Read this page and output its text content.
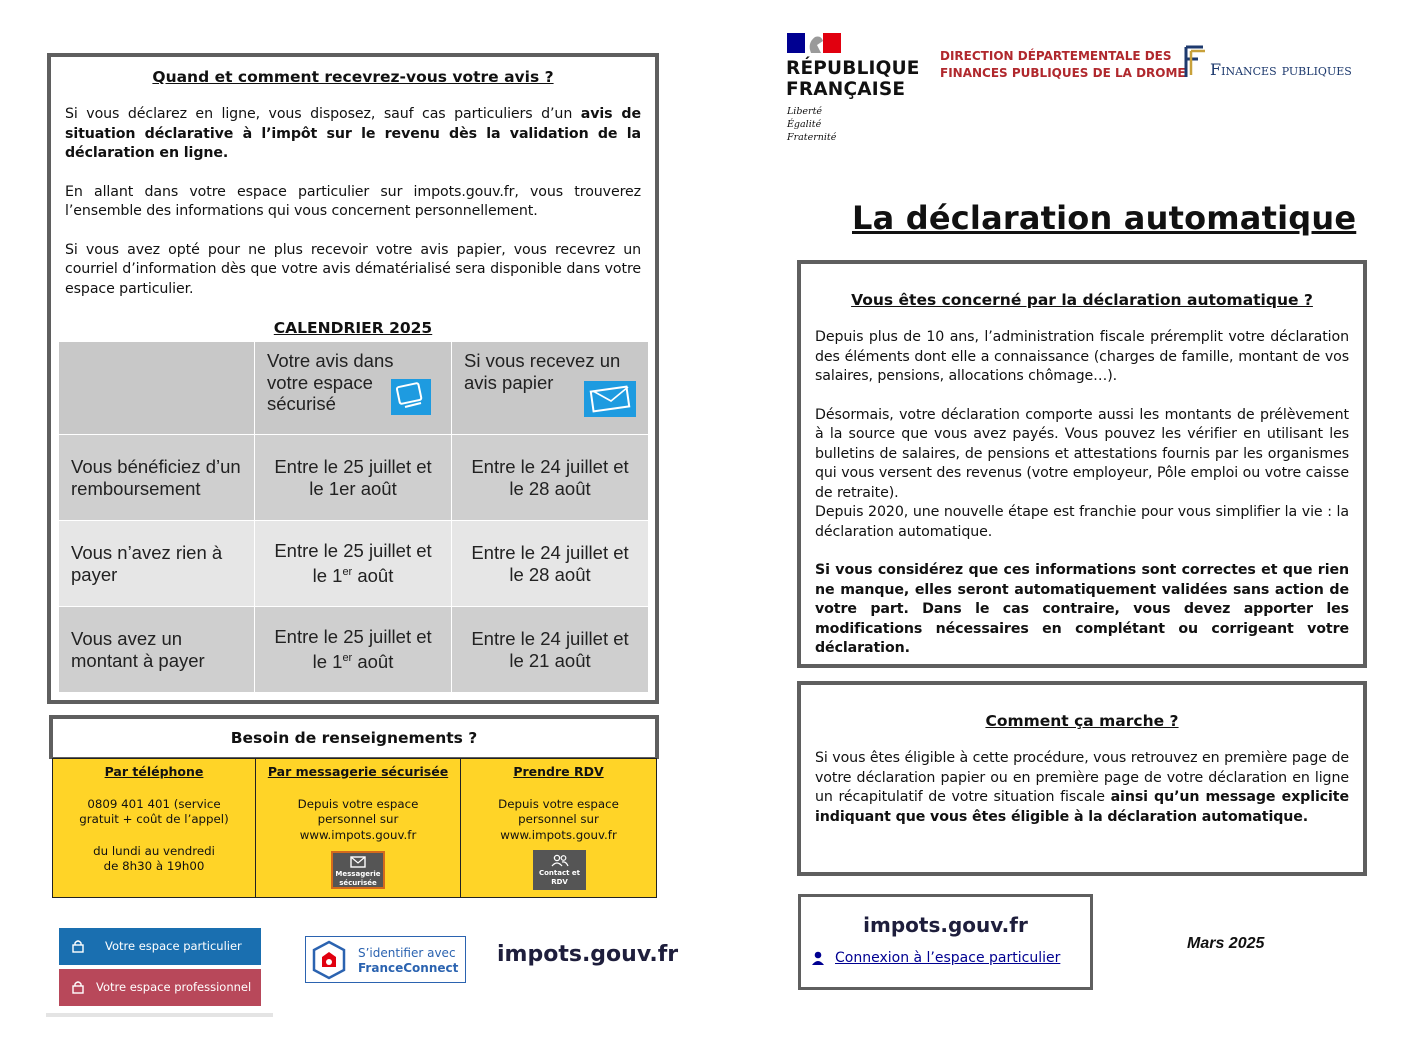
Quand et comment recevrez-vous votre avis ?

Si vous déclarez en ligne, vous disposez, sauf cas particuliers d’un avis de situation déclarative à l’impôt sur le revenu dès la validation de la déclaration en ligne.

En allant dans votre espace particulier sur impots.gouv.fr, vous trouverez l’ensemble des informations qui vous concernent personnellement.

Si vous avez opté pour ne plus recevoir votre avis papier, vous recevrez un courriel d’information dès que votre avis dématérialisé sera disponible dans votre espace particulier.

CALENDRIER 2025

	Votre avis dans votre espace sécurisé	Si vous recevez un avis papier

Vous bénéficiez d’un remboursement	Entre le 25 juillet et le 1er août	Entre le 24 juillet et le 28 août
Vous n’avez rien à payer	Entre le 25 juillet et le 1er août	Entre le 24 juillet et le 28 août
Vous avez un montant à payer	Entre le 25 juillet et le 1er août	Entre le 24 juillet et le 21 août
Besoin de renseignements ?
Par téléphone
0809 401 401 (service gratuit + coût de l’appel)
du lundi au vendredi
de 8h30 à 19h00
Par messagerie sécurisée
Depuis votre espace personnel sur
www.impots.gouv.fr
Messagerie sécurisée
Prendre RDV
Depuis votre espace personnel sur
www.impots.gouv.fr
Contact et RDV
Votre espace particulier
Votre espace professionnel
S’identifier avec
FranceConnect
impots.gouv.fr
RÉPUBLIQUE
FRANÇAISE
Liberté
Égalité
Fraternité
DIRECTION DÉPARTEMENTALE DES
FINANCES PUBLIQUES DE LA DROME Finances publiques
La déclaration automatique
Vous êtes concerné par la déclaration automatique ?

Depuis plus de 10 ans, l’administration fiscale préremplit votre déclaration des éléments dont elle a connaissance (charges de famille, montant de vos salaires, pensions, allocations chômage…).

Désormais, votre déclaration comporte aussi les montants de prélèvement à la source que vous avez payés. Vous pouvez les vérifier en utilisant les bulletins de salaires, de pensions et attestations fournis par les organismes qui vous versent des revenus (votre employeur, Pôle emploi ou votre caisse de retraite).

Depuis 2020, une nouvelle étape est franchie pour vous simplifier la vie : la déclaration automatique.

Si vous considérez que ces informations sont correctes et que rien ne manque, elles seront automatiquement validées sans action de votre part. Dans le cas contraire, vous devez apporter les modifications nécessaires en complétant ou corrigeant votre déclaration.

Comment ça marche ?

Si vous êtes éligible à cette procédure, vous retrouvez en première page de votre déclaration papier ou en première page de votre déclaration en ligne un récapitulatif de votre situation fiscale ainsi qu’un message explicite indiquant que vous êtes éligible à la déclaration automatique.

impots.gouv.fr
Connexion à l’espace particulier
Mars 2025
